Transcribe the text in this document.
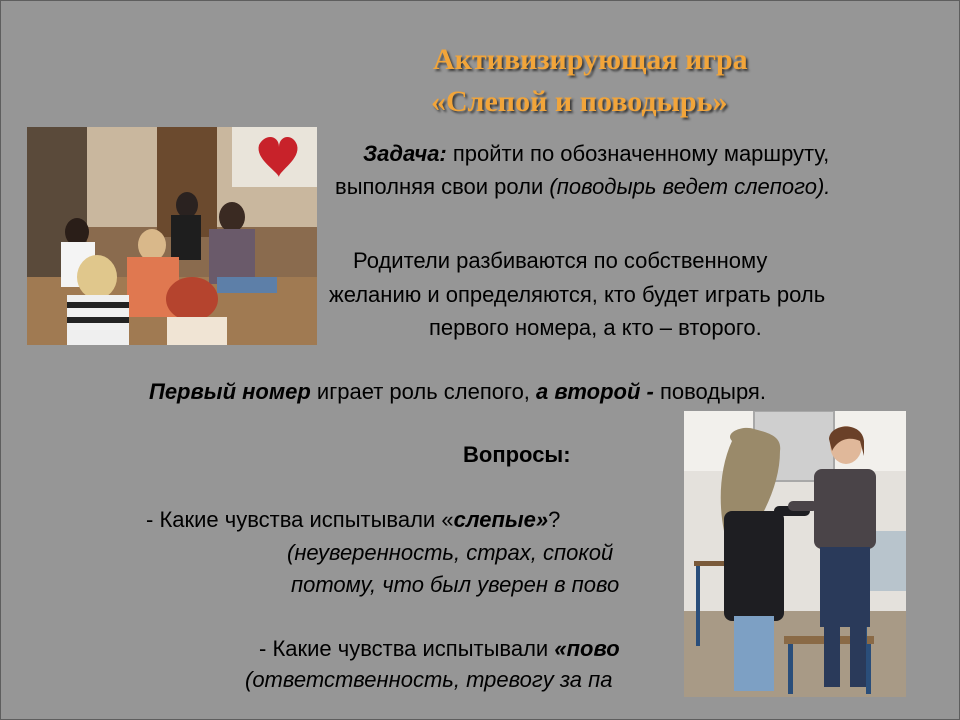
Активизирующая игра
«Слепой и поводырь»
Задача: пройти по обозначенному маршруту,
выполняя свои роли (поводырь ведет слепого).
Родители разбиваются по собственному
желанию и определяются, кто будет играть роль
первого номера, а кто – второго.
Первый номер играет роль слепого, а второй - поводыря.
Вопросы:
- Какие чувства испытывали «слепые»?
(неуверенность, страх, спокой
потому, что был уверен в пово
- Какие чувства испытывали «пово
(ответственность, тревогу за па
